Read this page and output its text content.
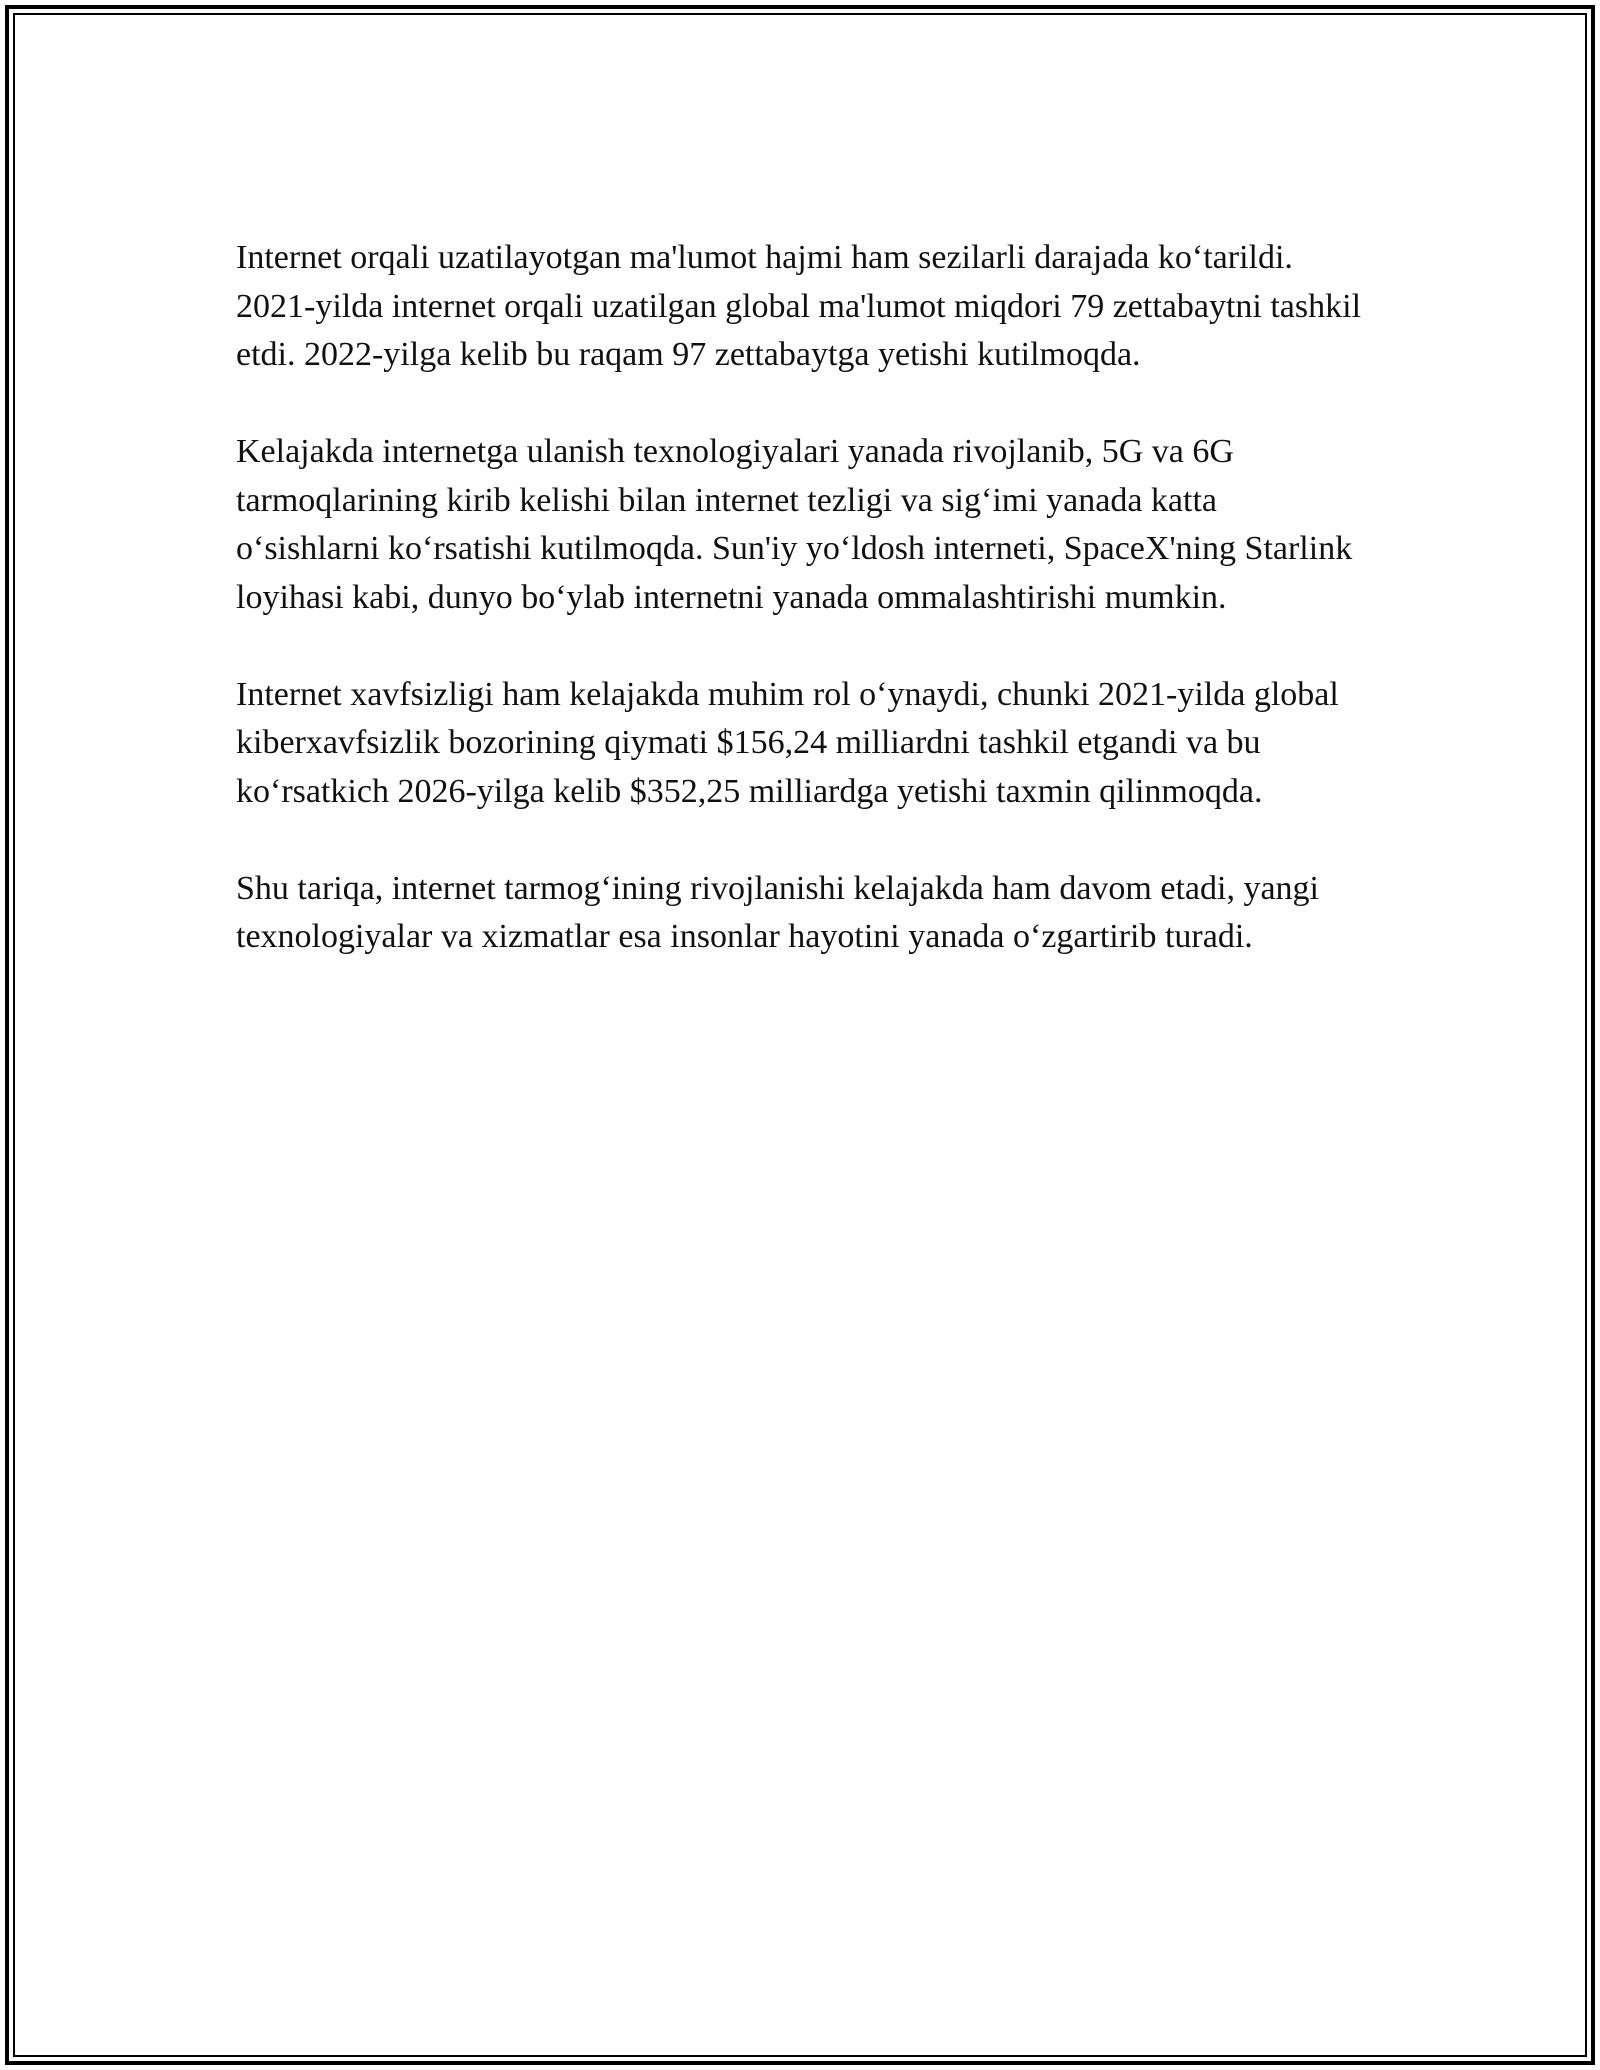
Internet orqali uzatilayotgan ma'lumot hajmi ham sezilarli darajada ko‘tarildi. 2021-yilda internet orqali uzatilgan global ma'lumot miqdori 79 zettabaytni tashkil etdi. 2022-yilga kelib bu raqam 97 zettabaytga yetishi kutilmoqda.

Kelajakda internetga ulanish texnologiyalari yanada rivojlanib, 5G va 6G tarmoqlarining kirib kelishi bilan internet tezligi va sig‘imi yanada katta o‘sishlarni ko‘rsatishi kutilmoqda. Sun'iy yo‘ldosh interneti, SpaceX'ning Starlink loyihasi kabi, dunyo bo‘ylab internetni yanada ommalashtirishi mumkin.

Internet xavfsizligi ham kelajakda muhim rol o‘ynaydi, chunki 2021-yilda global kiberxavfsizlik bozorining qiymati $156,24 milliardni tashkil etgandi va bu ko‘rsatkich 2026-yilga kelib $352,25 milliardga yetishi taxmin qilinmoqda.

Shu tariqa, internet tarmog‘ining rivojlanishi kelajakda ham davom etadi, yangi texnologiyalar va xizmatlar esa insonlar hayotini yanada o‘zgartirib turadi.
